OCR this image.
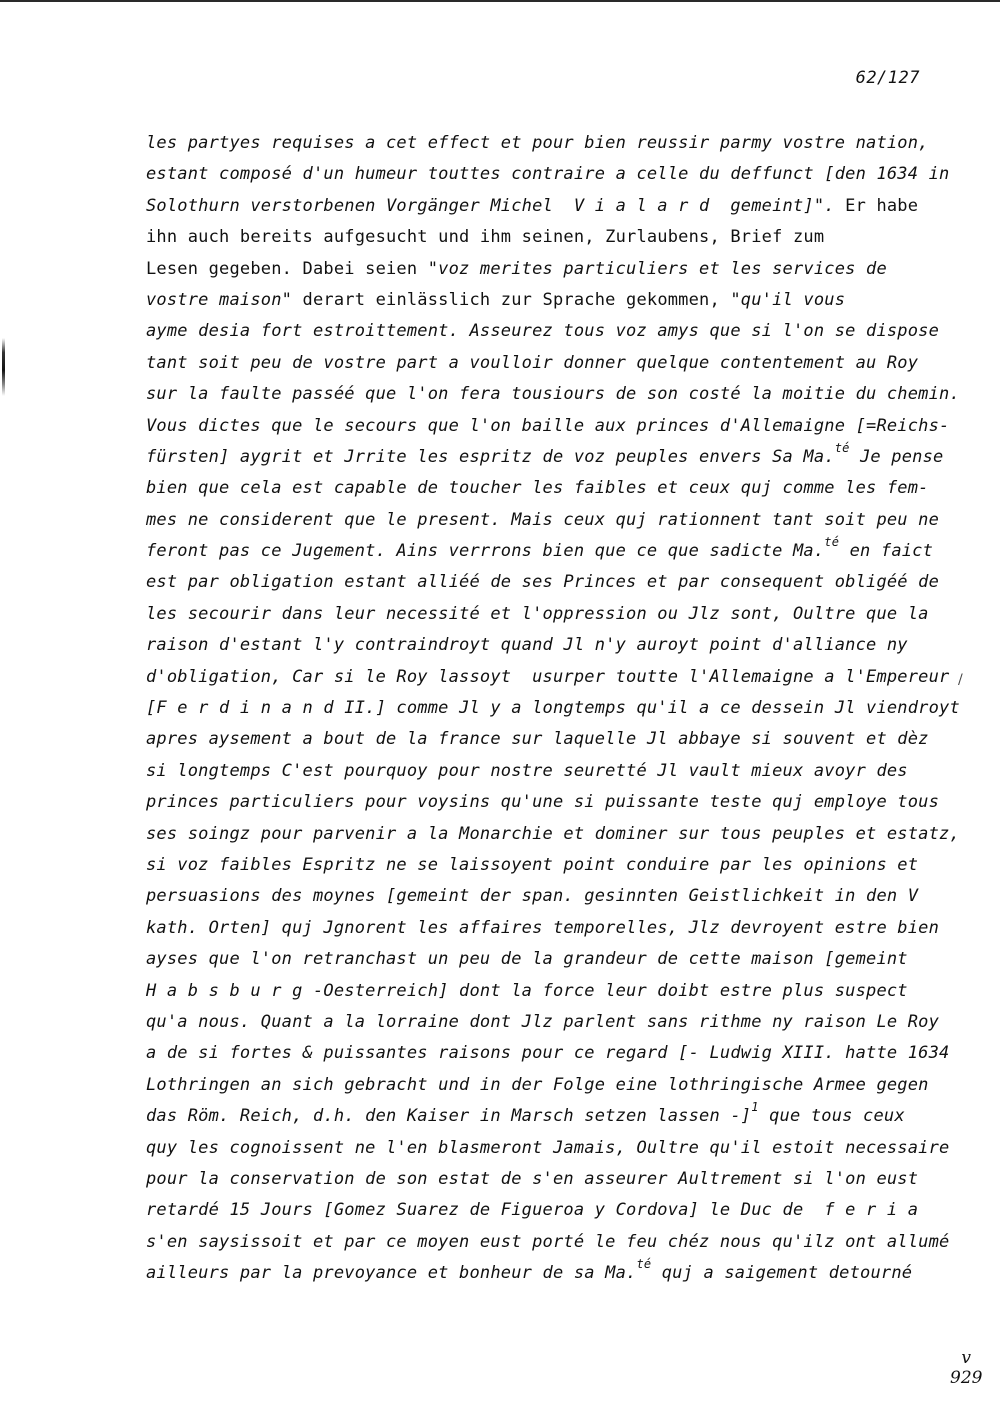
62/127
les partyes requises a cet effect et pour bien reussir parmy vostre nation,
estant composé d'un humeur touttes contraire a celle du deffunct [den 1634 in
Solothurn verstorbenen Vorgänger Michel  V i a l a r d  gemeint]". Er habe
ihn auch bereits aufgesucht und ihm seinen, Zurlaubens, Brief zum
Lesen gegeben. Dabei seien "voz merites particuliers et les services de
vostre maison" derart einlässlich zur Sprache gekommen, "qu'il vous
ayme desia fort estroittement. Asseurez tous voz amys que si l'on se dispose
tant soit peu de vostre part a voulloir donner quelque contentement au Roy
sur la faulte passéé que l'on fera tousiours de son costé la moitie du chemin.
Vous dictes que le secours que l'on baille aux princes d'Allemaigne [=Reichs-
fürsten] aygrit et Jrrite les espritz de voz peuples envers Sa Ma.$^{té}$ Je pense
bien que cela est capable de toucher les faibles et ceux quj comme les fem-
mes ne considerent que le present. Mais ceux quj rationnent tant soit peu ne
feront pas ce Jugement. Ains verrrons bien que ce que sadicte Ma.$^{té}$ en faict
est par obligation estant alliéé de ses Princes et par consequent obligéé de
les secourir dans leur necessité et l'oppression ou Jlz sont, Oultre que la
raison d'estant l'y contraindroyt quand Jl n'y auroyt point d'alliance ny
d'obligation, Car si le Roy lassoyt  usurper toutte l'Allemaigne a l'Empereur
[F e r d i n a n d II.] comme Jl y a longtemps qu'il a ce dessein Jl viendroyt
apres aysement a bout de la france sur laquelle Jl abbaye si souvent et dèz
si longtemps C'est pourquoy pour nostre seuretté Jl vault mieux avoyr des
princes particuliers pour voysins qu'une si puissante teste quj employe tous
ses soingz pour parvenir a la Monarchie et dominer sur tous peuples et estatz,
si voz faibles Espritz ne se laissoyent point conduire par les opinions et
persuasions des moynes [gemeint der span. gesinnten Geistlichkeit in den V
kath. Orten] quj Jgnorent les affaires temporelles, Jlz devroyent estre bien
ayses que l'on retranchast un peu de la grandeur de cette maison [gemeint
H a b s b u r g -Oesterreich] dont la force leur doibt estre plus suspect
qu'a nous. Quant a la lorraine dont Jlz parlent sans rithme ny raison Le Roy
a de si fortes & puissantes raisons pour ce regard [- Ludwig XIII. hatte 1634
Lothringen an sich gebracht und in der Folge eine lothringische Armee gegen
das Röm. Reich, d.h. den Kaiser in Marsch setzen lassen -]$^1$ que tous ceux
quy les cognoissent ne l'en blasmeront Jamais, Oultre qu'il estoit necessaire
pour la conservation de son estat de s'en asseurer Aultrement si l'on eust
retardé 15 Jours [Gomez Suarez de Figueroa y Cordova] le Duc de  f e r i a
s'en saysissoit et par ce moyen eust porté le feu chéz nous qu'ilz ont allumé
ailleurs par la prevoyance et bonheur de sa Ma.$^{té}$ quj a saigement detourné
/
v
929
